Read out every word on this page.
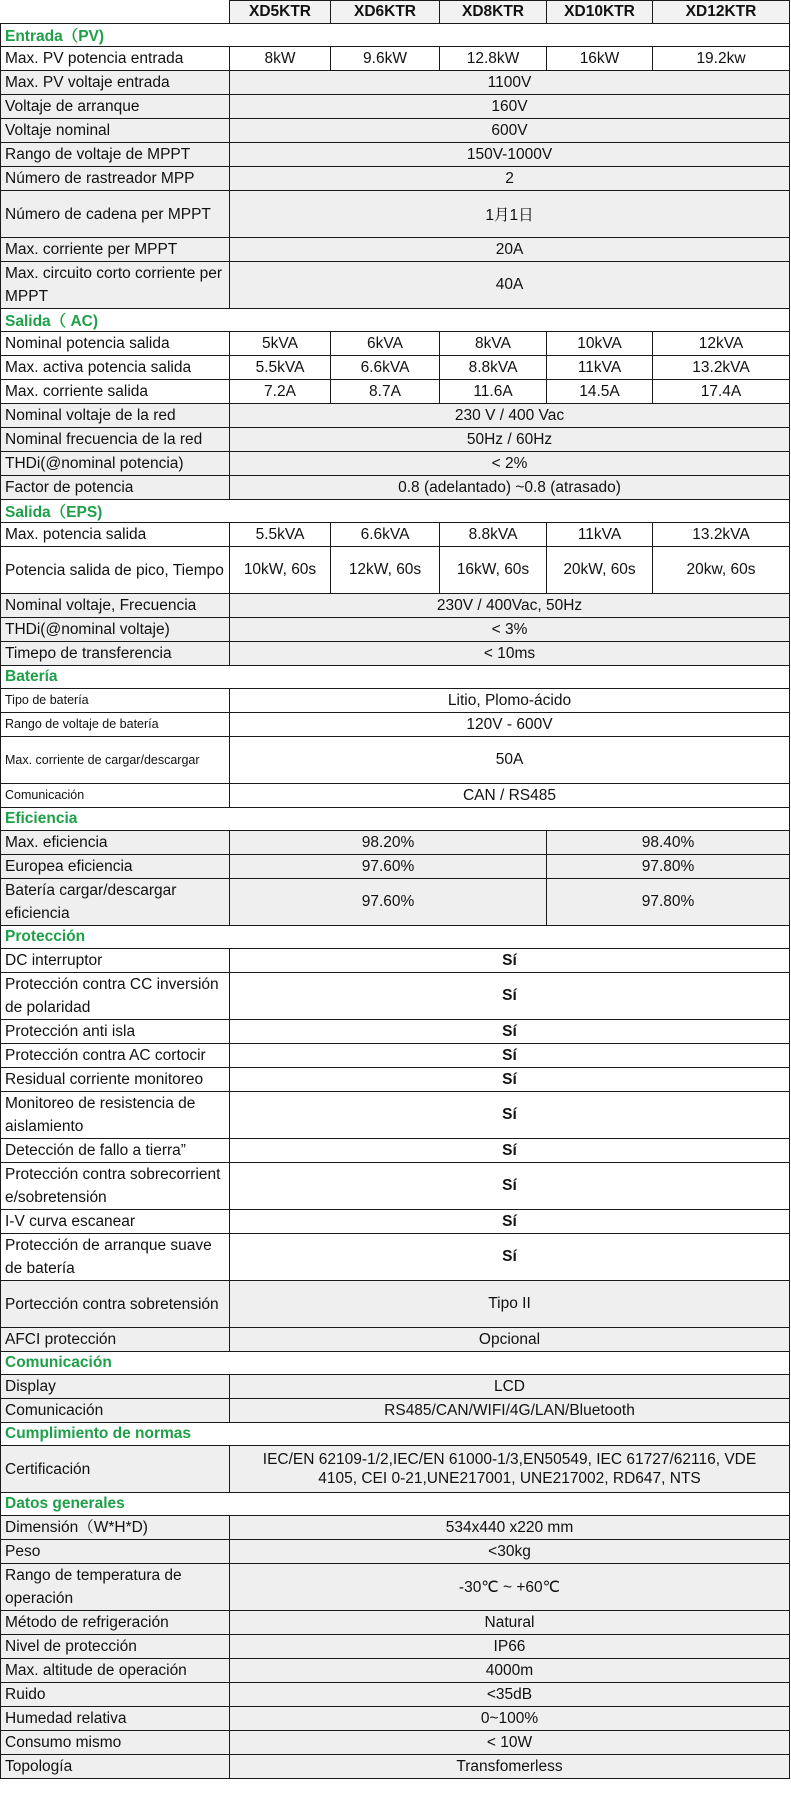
	XD5KTR	XD6KTR	XD8KTR	XD10KTR	XD12KTR
Entrada（PV)					
Max. PV potencia entrada	8kW	9.6kW	12.8kW	16kW	19.2kw
Max. PV voltaje entrada	1100V				
Voltaje de arranque	160V				
Voltaje nominal	600V				
Rango de voltaje de MPPT	150V-1000V				
Número de rastreador MPP	2				
Número de cadena per MPPT	1月1日				
Max. corriente per MPPT	20A				
Max. circuito corto corriente per MPPT	40A				
Salida（ AC)					
Nominal potencia salida	5kVA	6kVA	8kVA	10kVA	12kVA
Max. activa potencia salida	5.5kVA	6.6kVA	8.8kVA	11kVA	13.2kVA
Max. corriente salida	7.2A	8.7A	11.6A	14.5A	17.4A
Nominal voltaje de la red	230 V / 400 Vac				
Nominal frecuencia de la red	50Hz / 60Hz				
THDi(@nominal potencia)	< 2%				
Factor de potencia	0.8 (adelantado) ~0.8 (atrasado)				
Salida（EPS)					
Max. potencia salida	5.5kVA	6.6kVA	8.8kVA	11kVA	13.2kVA
Potencia salida de pico, Tiempo	10kW, 60s	12kW, 60s	16kW, 60s	20kW, 60s	20kw, 60s
Nominal voltaje, Frecuencia	230V / 400Vac, 50Hz				
THDi(@nominal voltaje)	< 3%				
Timepo de transferencia	< 10ms				
Batería					
Tipo de batería	Litio, Plomo-ácido				
Rango de voltaje de batería	120V - 600V				
Max. corriente de cargar/descargar	50A				
Comunicación	CAN / RS485				
Eficiencia					
Max. eficiencia	98.20%			98.40%	
Europea eficiencia	97.60%			97.80%	
Batería cargar/descargar eficiencia	97.60%			97.80%	
Protección					
DC interruptor	Sí				
Protección contra CC inversión de polaridad	Sí				
Protección anti isla	Sí				
Protección contra AC cortocir	Sí				
Residual corriente monitoreo	Sí				
Monitoreo de resistencia de aislamiento	Sí				
Detección de fallo a tierra”	Sí				
Protección contra sobrecorriente/sobretensión	Sí				
I-V curva escanear	Sí				
Protección de arranque suave de batería	Sí				
Portección contra sobretensión	Tipo II				
AFCI protección	Opcional				
Comunicación					
Display	LCD				
Comunicación	RS485/CAN/WIFI/4G/LAN/Bluetooth				
Cumplimiento de normas					
Certificación	IEC/EN 62109-1/2,IEC/EN 61000-1/3,EN50549, IEC 61727/62116, VDE 4105, CEI 0-21,UNE217001, UNE217002, RD647, NTS				
Datos generales					
Dimensión（W*H*D)	534x440 x220 mm				
Peso	<30kg				
Rango de temperatura de operación	-30℃ ~ +60℃				
Método de refrigeración	Natural				
Nivel de protección	IP66				
Max. altitude de operación	4000m				
Ruido	<35dB				
Humedad relativa	0~100%				
Consumo mismo	< 10W				
Topología	Transfomerless				
